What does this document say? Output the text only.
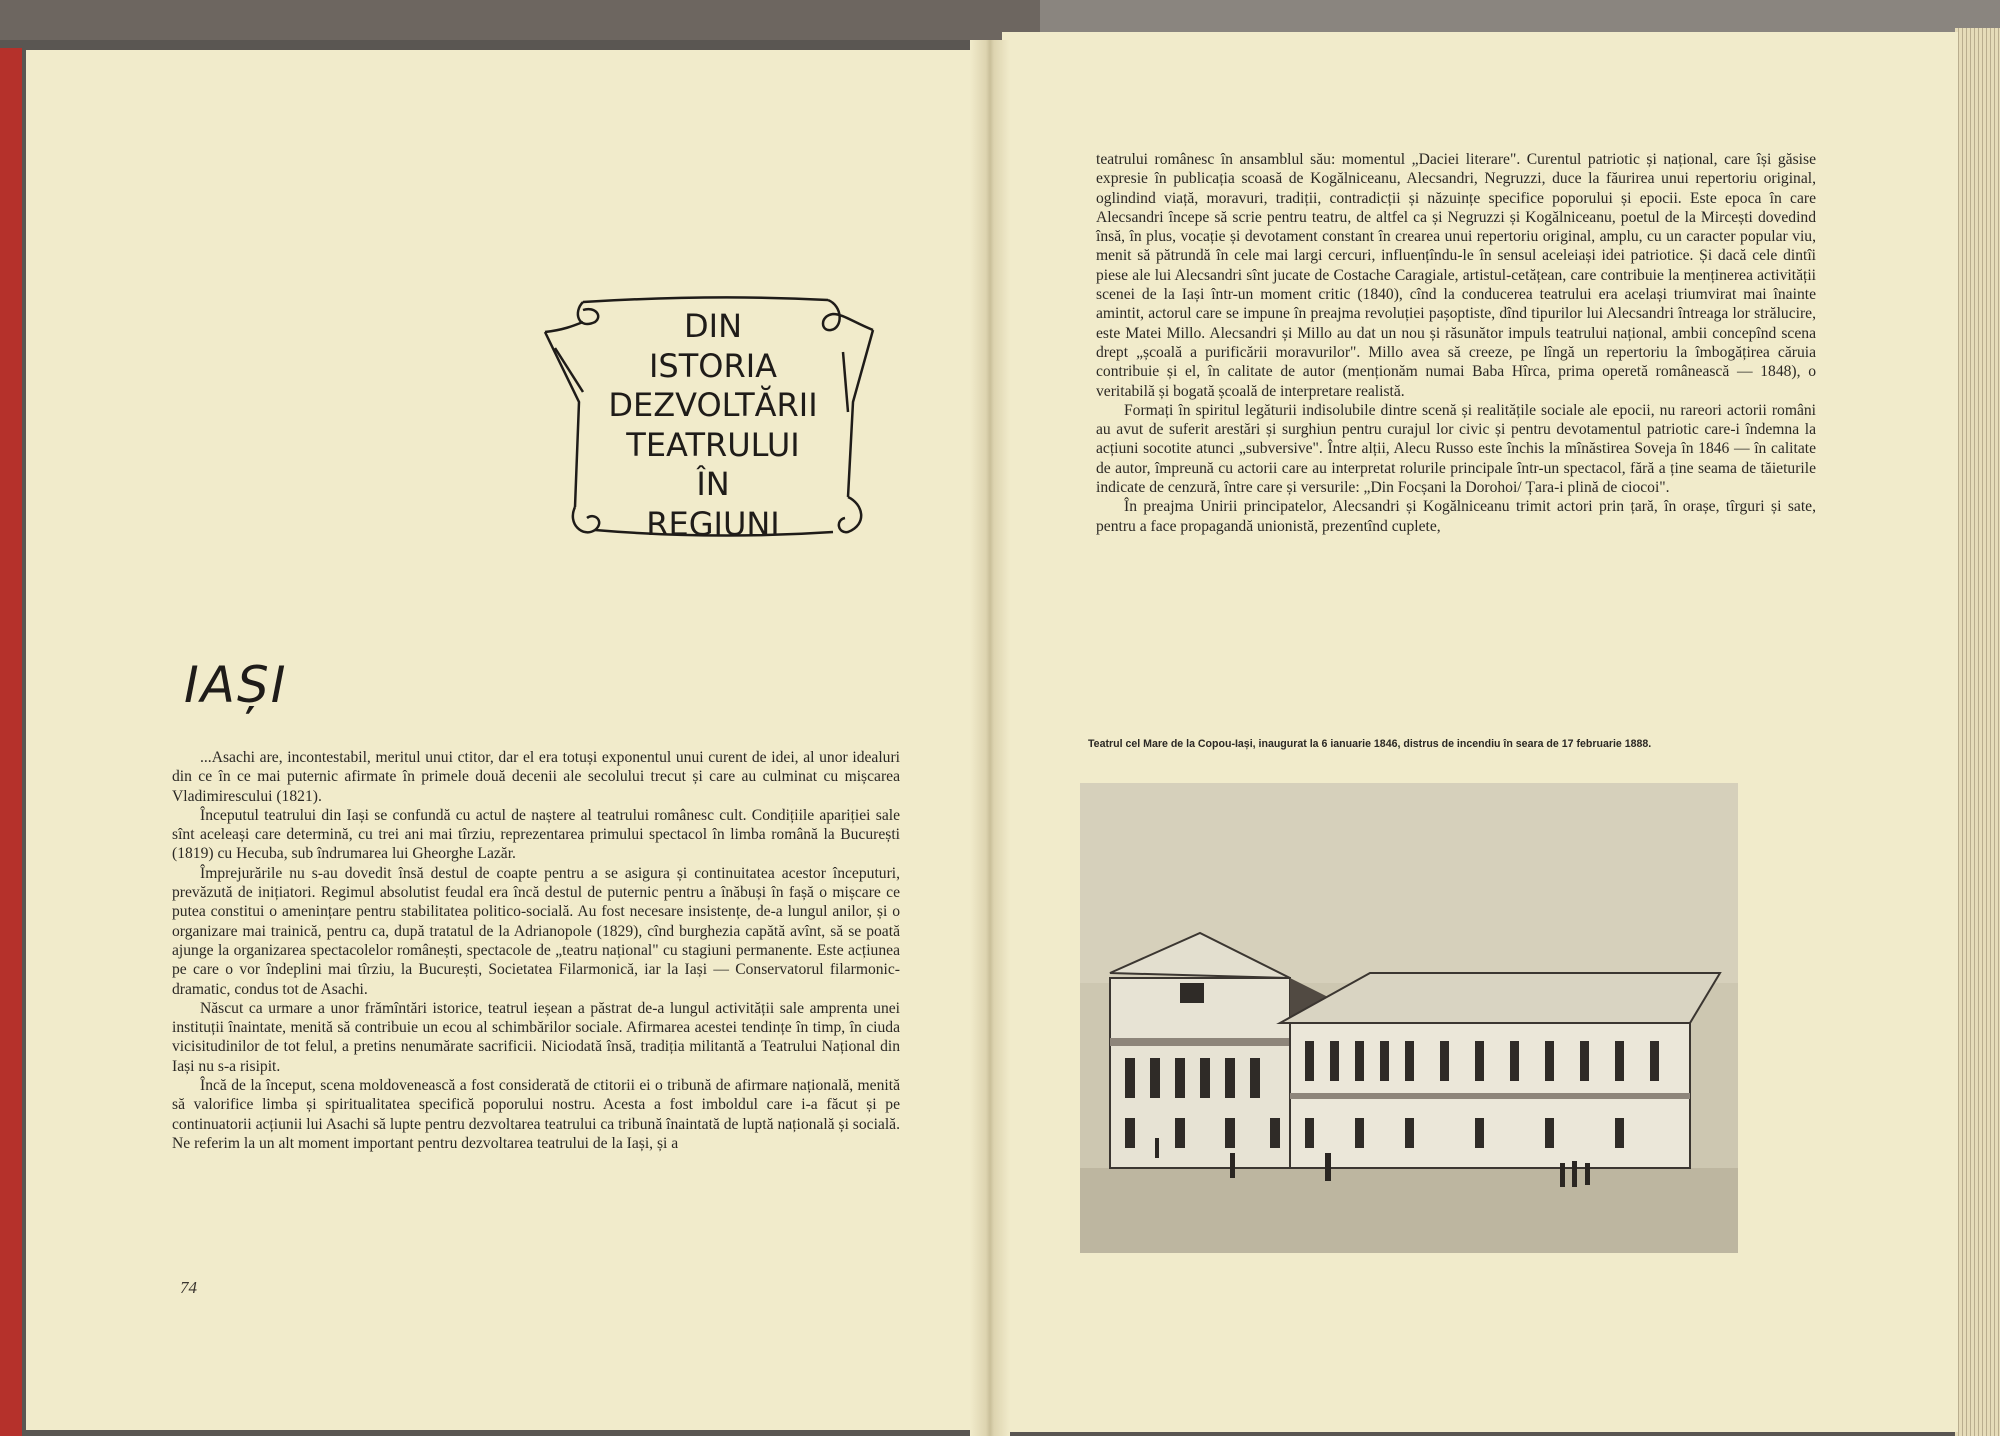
DIN
ISTORIA
DEZVOLTĂRII
TEATRULUI
ÎN
REGIUNI
IAȘI

...Asachi are, incontestabil, meritul unui ctitor, dar el era totuși exponentul unui curent de idei, al unor idealuri din ce în ce mai puternic afirmate în primele două decenii ale secolului trecut și care au culminat cu mișcarea Vladimirescului (1821).

Începutul teatrului din Iași se confundă cu actul de naștere al teatrului românesc cult. Condițiile apariției sale sînt aceleași care determină, cu trei ani mai tîrziu, reprezentarea primului spectacol în limba română la București (1819) cu Hecuba, sub îndrumarea lui Gheorghe Lazăr.

Împrejurările nu s-au dovedit însă destul de coapte pentru a se asigura și continuitatea acestor începuturi, prevăzută de inițiatori. Regimul absolutist feudal era încă destul de puternic pentru a înăbuși în fașă o mișcare ce putea constitui o amenințare pentru stabilitatea politico-socială. Au fost necesare insistențe, de-a lungul anilor, și o organizare mai trainică, pentru ca, după tratatul de la Adrianopole (1829), cînd burghezia capătă avînt, să se poată ajunge la organizarea spectacolelor românești, spectacole de „teatru național" cu stagiuni permanente. Este acțiunea pe care o vor îndeplini mai tîrziu, la București, Societatea Filarmonică, iar la Iași — Conservatorul filarmonic-dramatic, condus tot de Asachi.

Născut ca urmare a unor frămîntări istorice, teatrul ieșean a păstrat de-a lungul activității sale amprenta unei instituții înaintate, menită să contribuie un ecou al schimbărilor sociale. Afirmarea acestei tendințe în timp, în ciuda vicisitudinilor de tot felul, a pretins nenumărate sacrificii. Niciodată însă, tradiția militantă a Teatrului Național din Iași nu s-a risipit.

Încă de la început, scena moldovenească a fost considerată de ctitorii ei o tribună de afirmare națională, menită să valorifice limba și spiritualitatea specifică poporului nostru. Acesta a fost imboldul care i-a făcut și pe continuatorii acțiunii lui Asachi să lupte pentru dezvoltarea teatrului ca tribună înaintată de luptă națională și socială. Ne referim la un alt moment important pentru dezvoltarea teatrului de la Iași, și a

74

teatrului românesc în ansamblul său: momentul „Daciei literare". Curentul patriotic și național, care își găsise expresie în publicația scoasă de Kogălniceanu, Alecsandri, Negruzzi, duce la făurirea unui repertoriu original, oglindind viață, moravuri, tradiții, contradicții și năzuințe specifice poporului și epocii. Este epoca în care Alecsandri începe să scrie pentru teatru, de altfel ca și Negruzzi și Kogălniceanu, poetul de la Mircești dovedind însă, în plus, vocație și devotament constant în crearea unui repertoriu original, amplu, cu un caracter popular viu, menit să pătrundă în cele mai largi cercuri, influențîndu-le în sensul aceleiași idei patriotice. Și dacă cele dintîi piese ale lui Alecsandri sînt jucate de Costache Caragiale, artistul-cetățean, care contribuie la menținerea activității scenei de la Iași într-un moment critic (1840), cînd la conducerea teatrului era același triumvirat mai înainte amintit, actorul care se impune în preajma revoluției pașoptiste, dînd tipurilor lui Alecsandri întreaga lor strălucire, este Matei Millo. Alecsandri și Millo au dat un nou și răsunător impuls teatrului național, ambii concepînd scena drept „școală a purificării moravurilor". Millo avea să creeze, pe lîngă un repertoriu la îmbogățirea căruia contribuie și el, în calitate de autor (menționăm numai Baba Hîrca, prima operetă românească — 1848), o veritabilă și bogată școală de interpretare realistă.

Formați în spiritul legăturii indisolubile dintre scenă și realitățile sociale ale epocii, nu rareori actorii români au avut de suferit arestări și surghiun pentru curajul lor civic și pentru devotamentul patriotic care-i îndemna la acțiuni socotite atunci „subversive". Între alții, Alecu Russo este închis la mînăstirea Soveja în 1846 — în calitate de autor, împreună cu actorii care au interpretat rolurile principale într-un spectacol, fără a ține seama de tăieturile indicate de cenzură, între care și versurile: „Din Focșani la Dorohoi/ Țara-i plină de ciocoi".

În preajma Unirii principatelor, Alecsandri și Kogălniceanu trimit actori prin țară, în orașe, tîrguri și sate, pentru a face propagandă unionistă, prezentînd cuplete,

Teatrul cel Mare de la Copou-Iași, inaugurat la 6 ianuarie 1846, distrus de incendiu în seara de 17 februarie 1888.
